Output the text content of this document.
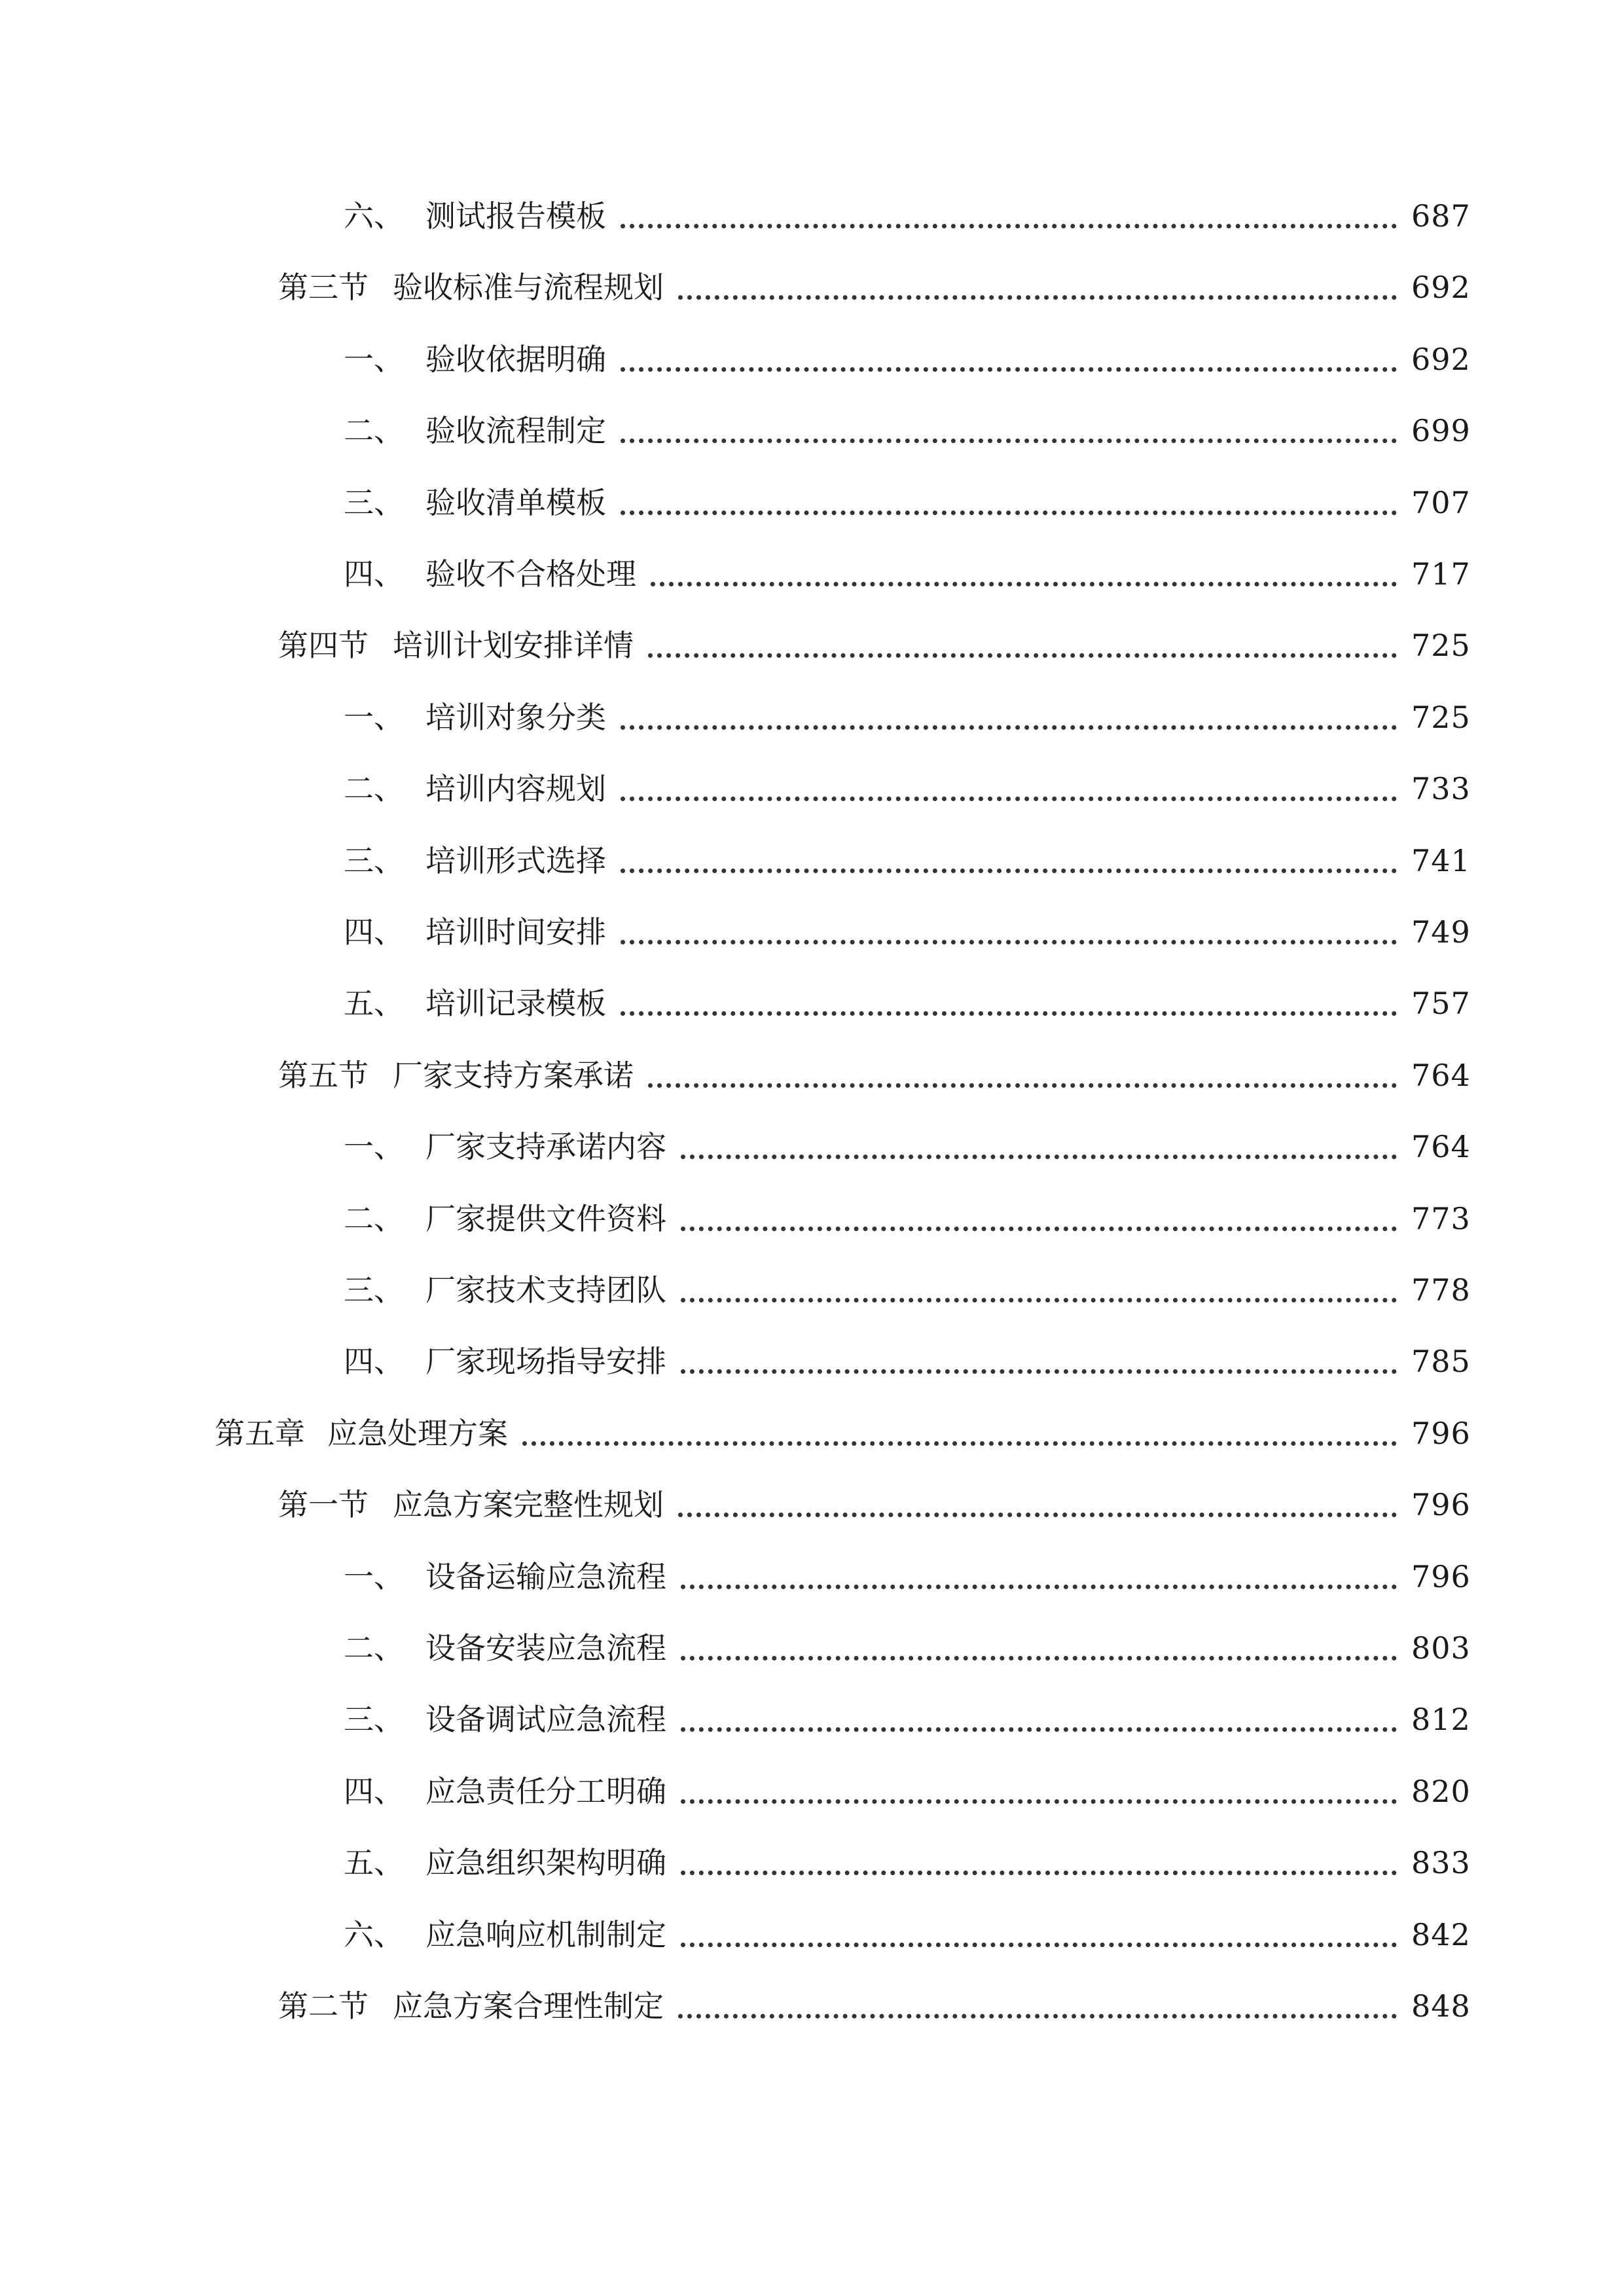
六、 测试报告模板	687
第三节 验收标准与流程规划	692
一、 验收依据明确	692
二、 验收流程制定	699
三、 验收清单模板	707
四、 验收不合格处理	717
第四节 培训计划安排详情	725
一、 培训对象分类	725
二、 培训内容规划	733
三、 培训形式选择	741
四、 培训时间安排	749
五、 培训记录模板	757
第五节 厂家支持方案承诺	764
一、 厂家支持承诺内容	764
二、 厂家提供文件资料	773
三、 厂家技术支持团队	778
四、 厂家现场指导安排	785
第五章 应急处理方案	796
第一节 应急方案完整性规划	796
一、 设备运输应急流程	796
二、 设备安装应急流程	803
三、 设备调试应急流程	812
四、 应急责任分工明确	820
五、 应急组织架构明确	833
六、 应急响应机制制定	842
第二节 应急方案合理性制定	848
